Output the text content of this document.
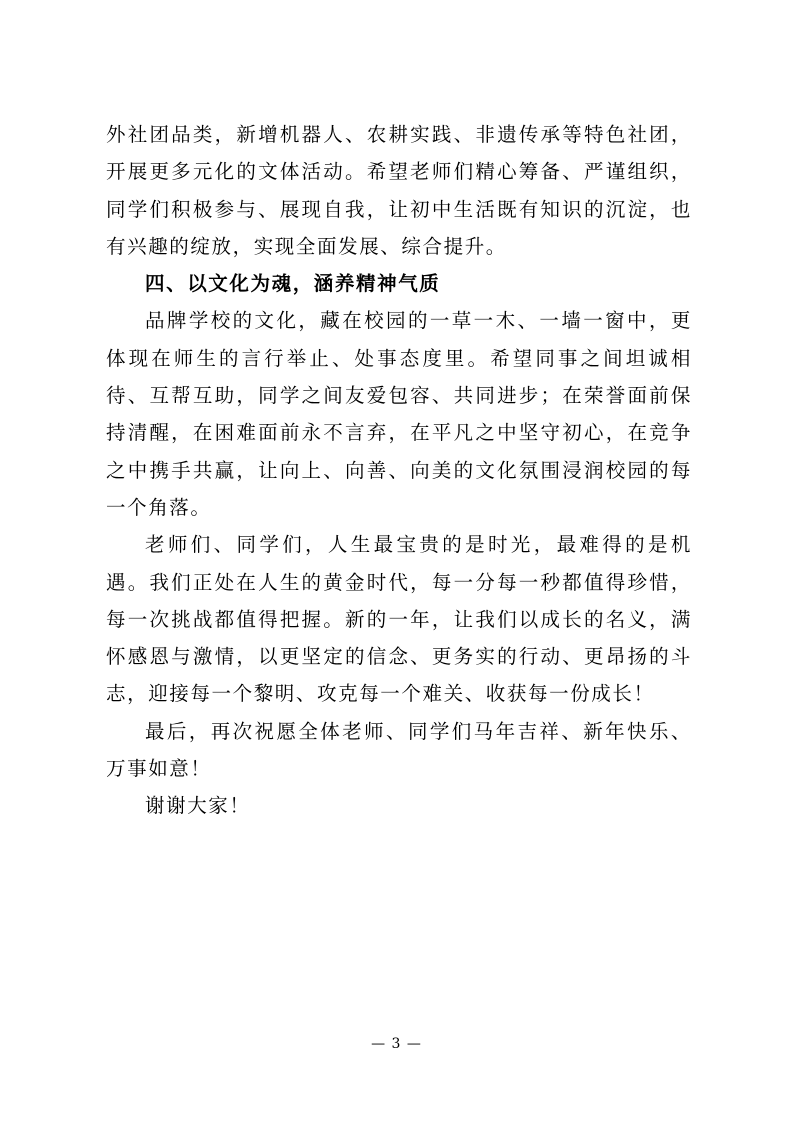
外社团品类，新增机器人、农耕实践、非遗传承等特色社团，开展更多元化的文体活动。希望老师们精心筹备、严谨组织，同学们积极参与、展现自我，让初中生活既有知识的沉淀，也有兴趣的绽放，实现全面发展、综合提升。

四、以文化为魂，涵养精神气质

品牌学校的文化，藏在校园的一草一木、一墙一窗中，更体现在师生的言行举止、处事态度里。希望同事之间坦诚相待、互帮互助，同学之间友爱包容、共同进步；在荣誉面前保持清醒，在困难面前永不言弃，在平凡之中坚守初心，在竞争之中携手共赢，让向上、向善、向美的文化氛围浸润校园的每一个角落。

老师们、同学们，人生最宝贵的是时光，最难得的是机遇。我们正处在人生的黄金时代，每一分每一秒都值得珍惜，每一次挑战都值得把握。新的一年，让我们以成长的名义，满怀感恩与激情，以更坚定的信念、更务实的行动、更昂扬的斗志，迎接每一个黎明、攻克每一个难关、收获每一份成长！

最后，再次祝愿全体老师、同学们马年吉祥、新年快乐、万事如意！

谢谢大家！

— 3 —
